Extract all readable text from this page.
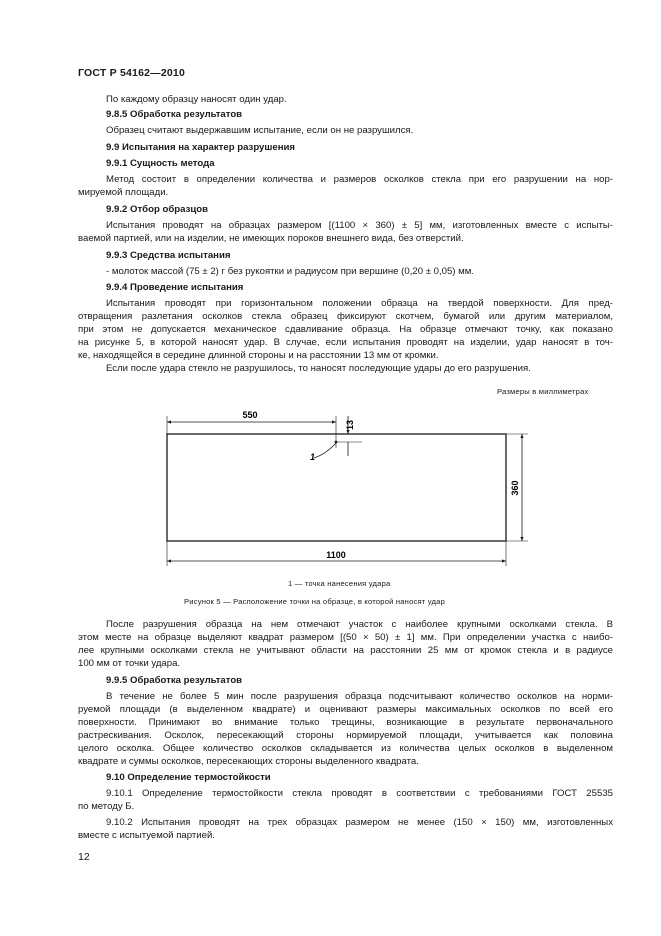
ГОСТ Р 54162—2010
По каждому образцу наносят один удар.
9.8.5 Обработка результатов
Образец считают выдержавшим испытание, если он не разрушился.
9.9 Испытания на характер разрушения
9.9.1 Сущность метода
Метод состоит в определении количества и размеров осколков стекла при его разрушении на нор-
мируемой площади.
9.9.2 Отбор образцов
Испытания проводят на образцах размером [(1100 × 360) ± 5] мм, изготовленных вместе с испыты-
ваемой партией, или на изделии, не имеющих пороков внешнего вида, без отверстий.
9.9.3 Средства испытания
- молоток массой (75 ± 2) г без рукоятки и радиусом при вершине (0,20 ± 0,05) мм.
9.9.4 Проведение испытания
Испытания проводят при горизонтальном положении образца на твердой поверхности. Для пред-
отвращения разлетания осколков стекла образец фиксируют скотчем, бумагой или другим материалом,
при этом не допускается механическое сдавливание образца. На образце отмечают точку, как показано
на рисунке 5, в которой наносят удар. В случае, если испытания проводят на изделии, удар наносят в точ-
ке, находящейся в середине длинной стороны и на расстоянии 13 мм от кромки.
Если после удара стекло не разрушилось, то наносят последующие удары до его разрушения.
Размеры в миллиметрах
550
13
1
360
1100
1 — точка нанесения удара
Рисунок 5 — Расположение точки на образце, в которой наносят удар
После разрушения образца на нем отмечают участок с наиболее крупными осколками стекла. В
этом месте на образце выделяют квадрат размером [(50 × 50) ± 1] мм. При определении участка с наибо-
лее крупными осколками стекла не учитывают области на расстоянии 25 мм от кромок стекла и в радиусе
100 мм от точки удара.
9.9.5 Обработка результатов
В течение не более 5 мин после разрушения образца подсчитывают количество осколков на норми-
руемой площади (в выделенном квадрате) и оценивают размеры максимальных осколков по всей его
поверхности. Принимают во внимание только трещины, возникающие в результате первоначального
растрескивания. Осколок, пересекающий стороны нормируемой площади, учитывается как половина
целого осколка. Общее количество осколков складывается из количества целых осколков в выделенном
квадрате и суммы осколков, пересекающих стороны выделенного квадрата.
9.10 Определение термостойкости
9.10.1 Определение термостойкости стекла проводят в соответствии с требованиями ГОСТ 25535
по методу Б.
9.10.2 Испытания проводят на трех образцах размером не менее (150 × 150) мм, изготовленных
вместе с испытуемой партией.
12
